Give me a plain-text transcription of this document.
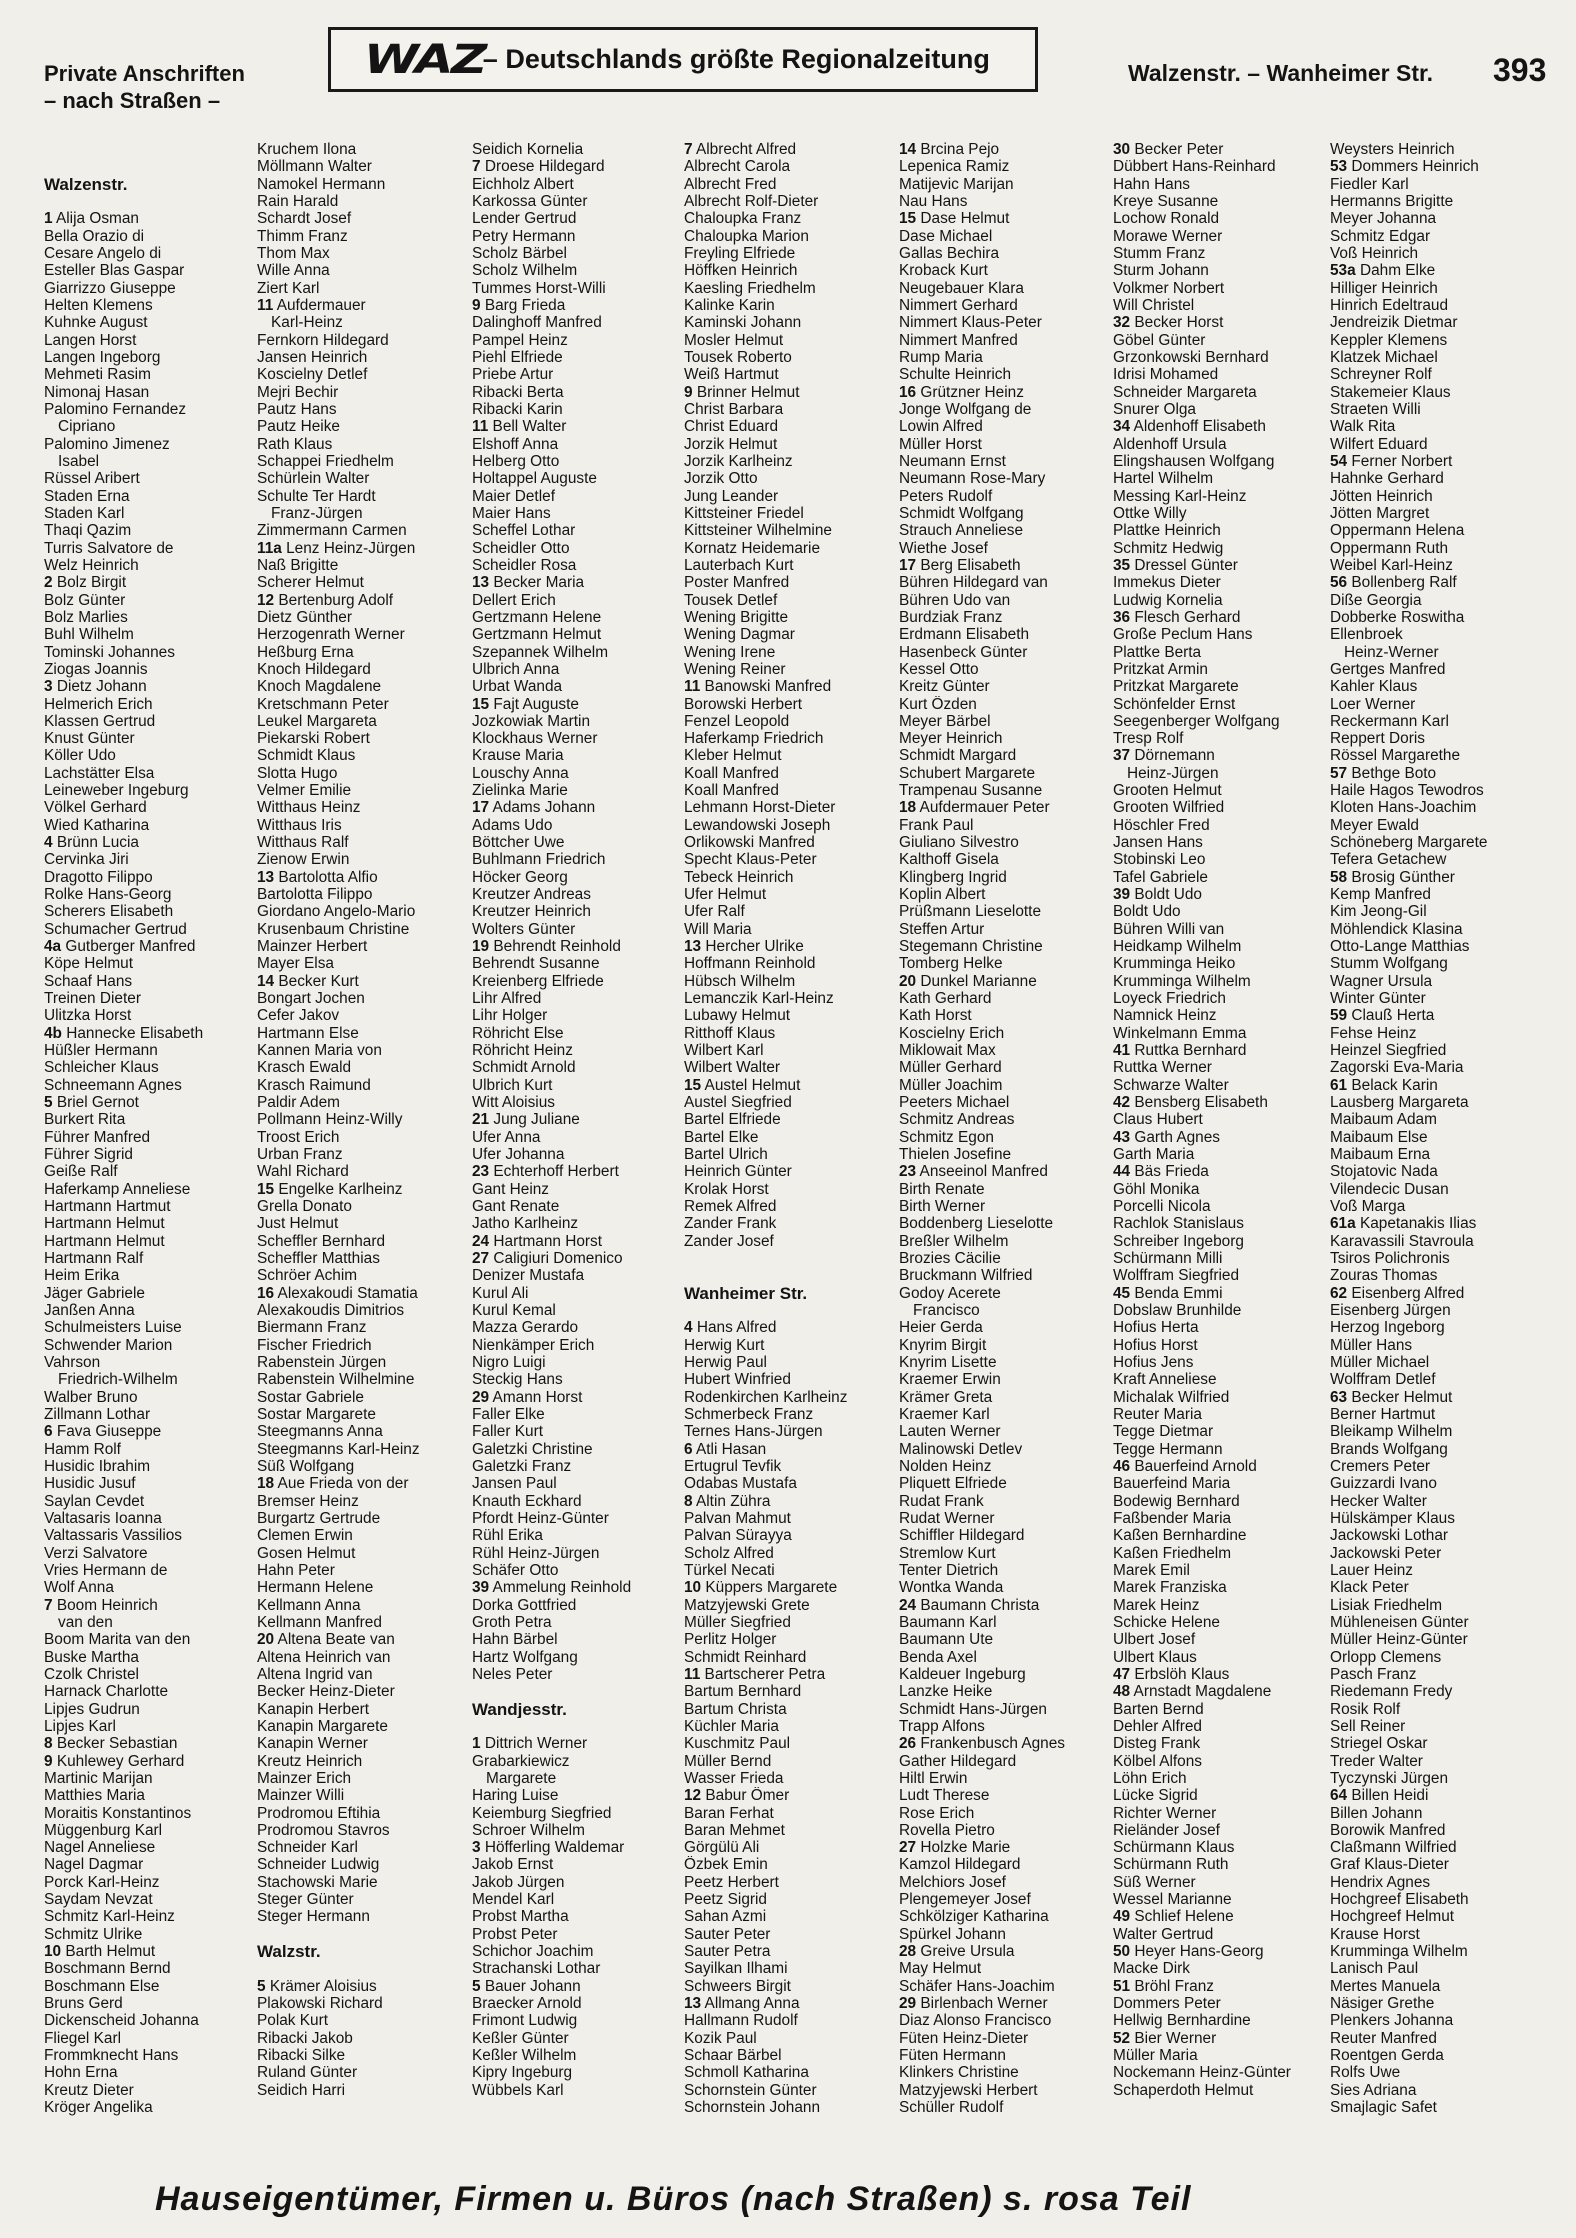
Private Anschriften
– nach Straßen –
WAZ
– Deutschlands größte Regionalzeitung	Walzenstr. – Wanheimer Str. 393

Walzenstr.

1 Alija Osman
Bella Orazio di
Cesare Angelo di
Esteller Blas Gaspar
Giarrizzo Giuseppe
Helten Klemens
Kuhnke August
Langen Horst
Langen Ingeborg
Mehmeti Rasim
Nimonaj Hasan
Palomino Fernandez
Cipriano
Palomino Jimenez
Isabel
Rüssel Aribert
Staden Erna
Staden Karl
Thaqi Qazim
Turris Salvatore de
Welz Heinrich
2 Bolz Birgit
Bolz Günter
Bolz Marlies
Buhl Wilhelm
Tominski Johannes
Ziogas Joannis
3 Dietz Johann
Helmerich Erich
Klassen Gertrud
Knust Günter
Köller Udo
Lachstätter Elsa
Leineweber Ingeburg
Völkel Gerhard
Wied Katharina
4 Brünn Lucia
Cervinka Jiri
Dragotto Filippo
Rolke Hans-Georg
Scherers Elisabeth
Schumacher Gertrud
4a Gutberger Manfred
Köpe Helmut
Schaaf Hans
Treinen Dieter
Ulitzka Horst
4b Hannecke Elisabeth
Hüßler Hermann
Schleicher Klaus
Schneemann Agnes
5 Briel Gernot
Burkert Rita
Führer Manfred
Führer Sigrid
Geiße Ralf
Haferkamp Anneliese
Hartmann Hartmut
Hartmann Helmut
Hartmann Helmut
Hartmann Ralf
Heim Erika
Jäger Gabriele
Janßen Anna
Schulmeisters Luise
Schwender Marion
Vahrson
Friedrich-Wilhelm
Walber Bruno
Zillmann Lothar
6 Fava Giuseppe
Hamm Rolf
Husidic Ibrahim
Husidic Jusuf
Saylan Cevdet
Valtasaris Ioanna
Valtassaris Vassilios
Verzi Salvatore
Vries Hermann de
Wolf Anna
7 Boom Heinrich
van den
Boom Marita van den
Buske Martha
Czolk Christel
Harnack Charlotte
Lipjes Gudrun
Lipjes Karl
8 Becker Sebastian
9 Kuhlewey Gerhard
Martinic Marijan
Matthies Maria
Moraitis Konstantinos
Müggenburg Karl
Nagel Anneliese
Nagel Dagmar
Porck Karl-Heinz
Saydam Nevzat
Schmitz Karl-Heinz
Schmitz Ulrike
10 Barth Helmut
Boschmann Bernd
Boschmann Else
Bruns Gerd
Dickenscheid Johanna
Fliegel Karl
Frommknecht Hans
Hohn Erna
Kreutz Dieter
Kröger Angelika
Kruchem Ilona
Möllmann Walter
Namokel Hermann
Rain Harald
Schardt Josef
Thimm Franz
Thom Max
Wille Anna
Ziert Karl
11 Aufdermauer
Karl-Heinz
Fernkorn Hildegard
Jansen Heinrich
Koscielny Detlef
Mejri Bechir
Pautz Hans
Pautz Heike
Rath Klaus
Schappei Friedhelm
Schürlein Walter
Schulte Ter Hardt
Franz-Jürgen
Zimmermann Carmen
11a Lenz Heinz-Jürgen
Naß Brigitte
Scherer Helmut
12 Bertenburg Adolf
Dietz Günther
Herzogenrath Werner
Heßburg Erna
Knoch Hildegard
Knoch Magdalene
Kretschmann Peter
Leukel Margareta
Piekarski Robert
Schmidt Klaus
Slotta Hugo
Velmer Emilie
Witthaus Heinz
Witthaus Iris
Witthaus Ralf
Zienow Erwin
13 Bartolotta Alfio
Bartolotta Filippo
Giordano Angelo-Mario
Krusenbaum Christine
Mainzer Herbert
Mayer Elsa
14 Becker Kurt
Bongart Jochen
Cefer Jakov
Hartmann Else
Kannen Maria von
Krasch Ewald
Krasch Raimund
Paldir Adem
Pollmann Heinz-Willy
Troost Erich
Urban Franz
Wahl Richard
15 Engelke Karlheinz
Grella Donato
Just Helmut
Scheffler Bernhard
Scheffler Matthias
Schröer Achim
16 Alexakoudi Stamatia
Alexakoudis Dimitrios
Biermann Franz
Fischer Friedrich
Rabenstein Jürgen
Rabenstein Wilhelmine
Sostar Gabriele
Sostar Margarete
Steegmanns Anna
Steegmanns Karl-Heinz
Süß Wolfgang
18 Aue Frieda von der
Bremser Heinz
Burgartz Gertrude
Clemen Erwin
Gosen Helmut
Hahn Peter
Hermann Helene
Kellmann Anna
Kellmann Manfred
20 Altena Beate van
Altena Heinrich van
Altena Ingrid van
Becker Heinz-Dieter
Kanapin Herbert
Kanapin Margarete
Kanapin Werner
Kreutz Heinrich
Mainzer Erich
Mainzer Willi
Prodromou Eftihia
Prodromou Stavros
Schneider Karl
Schneider Ludwig
Stachowski Marie
Steger Günter
Steger Hermann

Walzstr.

5 Krämer Aloisius
Plakowski Richard
Polak Kurt
Ribacki Jakob
Ribacki Silke
Ruland Günter
Seidich Harri
Seidich Kornelia
7 Droese Hildegard
Eichholz Albert
Karkossa Günter
Lender Gertrud
Petry Hermann
Scholz Bärbel
Scholz Wilhelm
Tummes Horst-Willi
9 Barg Frieda
Dalinghoff Manfred
Pampel Heinz
Piehl Elfriede
Priebe Artur
Ribacki Berta
Ribacki Karin
11 Bell Walter
Elshoff Anna
Helberg Otto
Holtappel Auguste
Maier Detlef
Maier Hans
Scheffel Lothar
Scheidler Otto
Scheidler Rosa
13 Becker Maria
Dellert Erich
Gertzmann Helene
Gertzmann Helmut
Szepannek Wilhelm
Ulbrich Anna
Urbat Wanda
15 Fajt Auguste
Jozkowiak Martin
Klockhaus Werner
Krause Maria
Louschy Anna
Zielinka Marie
17 Adams Johann
Adams Udo
Böttcher Uwe
Buhlmann Friedrich
Höcker Georg
Kreutzer Andreas
Kreutzer Heinrich
Wolters Günter
19 Behrendt Reinhold
Behrendt Susanne
Kreienberg Elfriede
Lihr Alfred
Lihr Holger
Röhricht Else
Röhricht Heinz
Schmidt Arnold
Ulbrich Kurt
Witt Aloisius
21 Jung Juliane
Ufer Anna
Ufer Johanna
23 Echterhoff Herbert
Gant Heinz
Gant Renate
Jatho Karlheinz
24 Hartmann Horst
27 Caligiuri Domenico
Denizer Mustafa
Kurul Ali
Kurul Kemal
Mazza Gerardo
Nienkämper Erich
Nigro Luigi
Steckig Hans
29 Amann Horst
Faller Elke
Faller Kurt
Galetzki Christine
Galetzki Franz
Jansen Paul
Knauth Eckhard
Pfordt Heinz-Günter
Rühl Erika
Rühl Heinz-Jürgen
Schäfer Otto
39 Ammelung Reinhold
Dorka Gottfried
Groth Petra
Hahn Bärbel
Hartz Wolfgang
Neles Peter

Wandjesstr.

1 Dittrich Werner
Grabarkiewicz
Margarete
Haring Luise
Keiemburg Siegfried
Schroer Wilhelm
3 Höfferling Waldemar
Jakob Ernst
Jakob Jürgen
Mendel Karl
Probst Martha
Probst Peter
Schichor Joachim
Strachanski Lothar
5 Bauer Johann
Braecker Arnold
Frimont Ludwig
Keßler Günter
Keßler Wilhelm
Kipry Ingeburg
Wübbels Karl
7 Albrecht Alfred
Albrecht Carola
Albrecht Fred
Albrecht Rolf-Dieter
Chaloupka Franz
Chaloupka Marion
Freyling Elfriede
Höffken Heinrich
Kaesling Friedhelm
Kalinke Karin
Kaminski Johann
Mosler Helmut
Tousek Roberto
Weiß Hartmut
9 Brinner Helmut
Christ Barbara
Christ Eduard
Jorzik Helmut
Jorzik Karlheinz
Jorzik Otto
Jung Leander
Kittsteiner Friedel
Kittsteiner Wilhelmine
Kornatz Heidemarie
Lauterbach Kurt
Poster Manfred
Tousek Detlef
Wening Brigitte
Wening Dagmar
Wening Irene
Wening Reiner
11 Banowski Manfred
Borowski Herbert
Fenzel Leopold
Haferkamp Friedrich
Kleber Helmut
Koall Manfred
Koall Manfred
Lehmann Horst-Dieter
Lewandowski Joseph
Orlikowski Manfred
Specht Klaus-Peter
Tebeck Heinrich
Ufer Helmut
Ufer Ralf
Will Maria
13 Hercher Ulrike
Hoffmann Reinhold
Hübsch Wilhelm
Lemanczik Karl-Heinz
Lubawy Helmut
Ritthoff Klaus
Wilbert Karl
Wilbert Walter
15 Austel Helmut
Austel Siegfried
Bartel Elfriede
Bartel Elke
Bartel Ulrich
Heinrich Günter
Krolak Horst
Remek Alfred
Zander Frank
Zander Josef

Wanheimer Str.

4 Hans Alfred
Herwig Kurt
Herwig Paul
Hubert Winfried
Rodenkirchen Karlheinz
Schmerbeck Franz
Ternes Hans-Jürgen
6 Atli Hasan
Ertugrul Tevfik
Odabas Mustafa
8 Altin Zühra
Palvan Mahmut
Palvan Sürayya
Scholz Alfred
Türkel Necati
10 Küppers Margarete
Matzyjewski Grete
Müller Siegfried
Perlitz Holger
Schmidt Reinhard
11 Bartscherer Petra
Bartum Bernhard
Bartum Christa
Küchler Maria
Kuschmitz Paul
Müller Bernd
Wasser Frieda
12 Babur Ömer
Baran Ferhat
Baran Mehmet
Görgülü Ali
Özbek Emin
Peetz Herbert
Peetz Sigrid
Sahan Azmi
Sauter Peter
Sauter Petra
Sayilkan Ilhami
Schweers Birgit
13 Allmang Anna
Hallmann Rudolf
Kozik Paul
Schaar Bärbel
Schmoll Katharina
Schornstein Günter
Schornstein Johann
14 Brcina Pejo
Lepenica Ramiz
Matijevic Marijan
Nau Hans
15 Dase Helmut
Dase Michael
Gallas Bechira
Kroback Kurt
Neugebauer Klara
Nimmert Gerhard
Nimmert Klaus-Peter
Nimmert Manfred
Rump Maria
Schulte Heinrich
16 Grützner Heinz
Jonge Wolfgang de
Lowin Alfred
Müller Horst
Neumann Ernst
Neumann Rose-Mary
Peters Rudolf
Schmidt Wolfgang
Strauch Anneliese
Wiethe Josef
17 Berg Elisabeth
Bühren Hildegard van
Bühren Udo van
Burdziak Franz
Erdmann Elisabeth
Hasenbeck Günter
Kessel Otto
Kreitz Günter
Kurt Özden
Meyer Bärbel
Meyer Heinrich
Schmidt Margard
Schubert Margarete
Trampenau Susanne
18 Aufdermauer Peter
Frank Paul
Giuliano Silvestro
Kalthoff Gisela
Klingberg Ingrid
Koplin Albert
Prüßmann Lieselotte
Steffen Artur
Stegemann Christine
Tomberg Helke
20 Dunkel Marianne
Kath Gerhard
Kath Horst
Koscielny Erich
Miklowait Max
Müller Gerhard
Müller Joachim
Peeters Michael
Schmitz Andreas
Schmitz Egon
Thielen Josefine
23 Anseeinol Manfred
Birth Renate
Birth Werner
Boddenberg Lieselotte
Breßler Wilhelm
Brozies Cäcilie
Bruckmann Wilfried
Godoy Acerete
Francisco
Heier Gerda
Knyrim Birgit
Knyrim Lisette
Kraemer Erwin
Krämer Greta
Kraemer Karl
Lauten Werner
Malinowski Detlev
Nolden Heinz
Pliquett Elfriede
Rudat Frank
Rudat Werner
Schiffler Hildegard
Stremlow Kurt
Tenter Dietrich
Wontka Wanda
24 Baumann Christa
Baumann Karl
Baumann Ute
Benda Axel
Kaldeuer Ingeburg
Lanzke Heike
Schmidt Hans-Jürgen
Trapp Alfons
26 Frankenbusch Agnes
Gather Hildegard
Hiltl Erwin
Ludt Therese
Rose Erich
Rovella Pietro
27 Holzke Marie
Kamzol Hildegard
Melchiors Josef
Plengemeyer Josef
Schkölziger Katharina
Spürkel Johann
28 Greive Ursula
May Helmut
Schäfer Hans-Joachim
29 Birlenbach Werner
Diaz Alonso Francisco
Füten Heinz-Dieter
Füten Hermann
Klinkers Christine
Matzyjewski Herbert
Schüller Rudolf
30 Becker Peter
Dübbert Hans-Reinhard
Hahn Hans
Kreye Susanne
Lochow Ronald
Morawe Werner
Stumm Franz
Sturm Johann
Volkmer Norbert
Will Christel
32 Becker Horst
Göbel Günter
Grzonkowski Bernhard
Idrisi Mohamed
Schneider Margareta
Snurer Olga
34 Aldenhoff Elisabeth
Aldenhoff Ursula
Elingshausen Wolfgang
Hartel Wilhelm
Messing Karl-Heinz
Ottke Willy
Plattke Heinrich
Schmitz Hedwig
35 Dressel Günter
Immekus Dieter
Ludwig Kornelia
36 Flesch Gerhard
Große Peclum Hans
Plattke Berta
Pritzkat Armin
Pritzkat Margarete
Schönfelder Ernst
Seegenberger Wolfgang
Tresp Rolf
37 Dörnemann
Heinz-Jürgen
Grooten Helmut
Grooten Wilfried
Höschler Fred
Jansen Hans
Stobinski Leo
Tafel Gabriele
39 Boldt Udo
Boldt Udo
Bühren Willi van
Heidkamp Wilhelm
Krumminga Heiko
Krumminga Wilhelm
Loyeck Friedrich
Namnick Heinz
Winkelmann Emma
41 Ruttka Bernhard
Ruttka Werner
Schwarze Walter
42 Bensberg Elisabeth
Claus Hubert
43 Garth Agnes
Garth Maria
44 Bäs Frieda
Göhl Monika
Porcelli Nicola
Rachlok Stanislaus
Schreiber Ingeborg
Schürmann Milli
Wolffram Siegfried
45 Benda Emmi
Dobslaw Brunhilde
Hofius Herta
Hofius Horst
Hofius Jens
Kraft Anneliese
Michalak Wilfried
Reuter Maria
Tegge Dietmar
Tegge Hermann
46 Bauerfeind Arnold
Bauerfeind Maria
Bodewig Bernhard
Faßbender Maria
Kaßen Bernhardine
Kaßen Friedhelm
Marek Emil
Marek Franziska
Marek Heinz
Schicke Helene
Ulbert Josef
Ulbert Klaus
47 Erbslöh Klaus
48 Arnstadt Magdalene
Barten Bernd
Dehler Alfred
Disteg Frank
Kölbel Alfons
Löhn Erich
Lücke Sigrid
Richter Werner
Rieländer Josef
Schürmann Klaus
Schürmann Ruth
Süß Werner
Wessel Marianne
49 Schlief Helene
Walter Gertrud
50 Heyer Hans-Georg
Macke Dirk
51 Bröhl Franz
Dommers Peter
Hellwig Bernhardine
52 Bier Werner
Müller Maria
Nockemann Heinz-Günter
Schaperdoth Helmut
Weysters Heinrich
53 Dommers Heinrich
Fiedler Karl
Hermanns Brigitte
Meyer Johanna
Schmitz Edgar
Voß Heinrich
53a Dahm Elke
Hilliger Heinrich
Hinrich Edeltraud
Jendreizik Dietmar
Keppler Klemens
Klatzek Michael
Schreyner Rolf
Stakemeier Klaus
Straeten Willi
Walk Rita
Wilfert Eduard
54 Ferner Norbert
Hahnke Gerhard
Jötten Heinrich
Jötten Margret
Oppermann Helena
Oppermann Ruth
Weibel Karl-Heinz
56 Bollenberg Ralf
Diße Georgia
Dobberke Roswitha
Ellenbroek
Heinz-Werner
Gertges Manfred
Kahler Klaus
Loer Werner
Reckermann Karl
Reppert Doris
Rössel Margarethe
57 Bethge Boto
Haile Hagos Tewodros
Kloten Hans-Joachim
Meyer Ewald
Schöneberg Margarete
Tefera Getachew
58 Brosig Günther
Kemp Manfred
Kim Jeong-Gil
Möhlendick Klasina
Otto-Lange Matthias
Stumm Wolfgang
Wagner Ursula
Winter Günter
59 Clauß Herta
Fehse Heinz
Heinzel Siegfried
Zagorski Eva-Maria
61 Belack Karin
Lausberg Margareta
Maibaum Adam
Maibaum Else
Maibaum Erna
Stojatovic Nada
Vilendecic Dusan
Voß Marga
61a Kapetanakis Ilias
Karavassili Stavroula
Tsiros Polichronis
Zouras Thomas
62 Eisenberg Alfred
Eisenberg Jürgen
Herzog Ingeborg
Müller Hans
Müller Michael
Wolffram Detlef
63 Becker Helmut
Berner Hartmut
Bleikamp Wilhelm
Brands Wolfgang
Cremers Peter
Guizzardi Ivano
Hecker Walter
Hülskämper Klaus
Jackowski Lothar
Jackowski Peter
Lauer Heinz
Klack Peter
Lisiak Friedhelm
Mühleneisen Günter
Müller Heinz-Günter
Orlopp Clemens
Pasch Franz
Riedemann Fredy
Rosik Rolf
Sell Reiner
Striegel Oskar
Treder Walter
Tyczynski Jürgen
64 Billen Heidi
Billen Johann
Borowik Manfred
Claßmann Wilfried
Graf Klaus-Dieter
Hendrix Agnes
Hochgreef Elisabeth
Hochgreef Helmut
Krause Horst
Krumminga Wilhelm
Lanisch Paul
Mertes Manuela
Näsiger Grethe
Plenkers Johanna
Reuter Manfred
Roentgen Gerda
Rolfs Uwe
Sies Adriana
Smajlagic Safet
Hauseigentümer, Firmen u. Büros (nach Straßen) s. rosa Teil
